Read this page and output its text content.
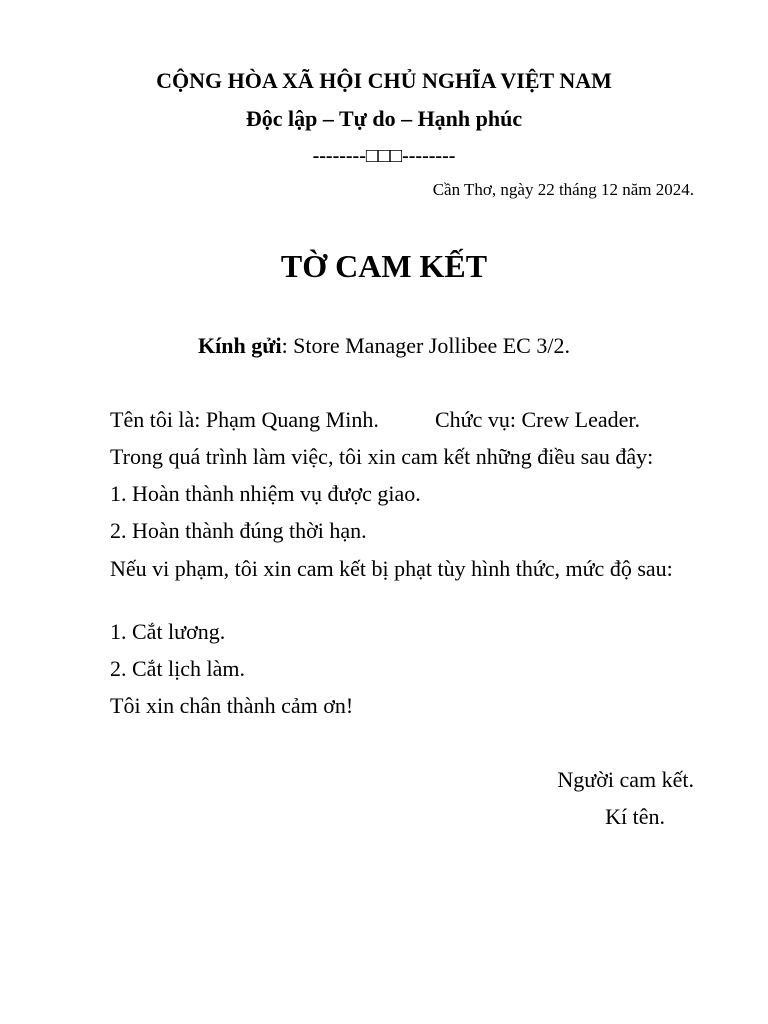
CỘNG HÒA XÃ HỘI CHỦ NGHĨA VIỆT NAM
Độc lập – Tự do – Hạnh phúc
--------□□□--------
Cần Thơ, ngày 22 tháng 12 năm 2024.
TỜ CAM KẾT
Kính gửi: Store Manager Jollibee EC 3/2.
Tên tôi là: Phạm Quang Minh.	Chức vụ: Crew Leader.
Trong quá trình làm việc, tôi xin cam kết những điều sau đây:
1. Hoàn thành nhiệm vụ được giao.
2. Hoàn thành đúng thời hạn.
Nếu vi phạm, tôi xin cam kết bị phạt tùy hình thức, mức độ sau:
1. Cắt lương.
2. Cắt lịch làm.
Tôi xin chân thành cảm ơn!
Người cam kết.
Kí tên.
